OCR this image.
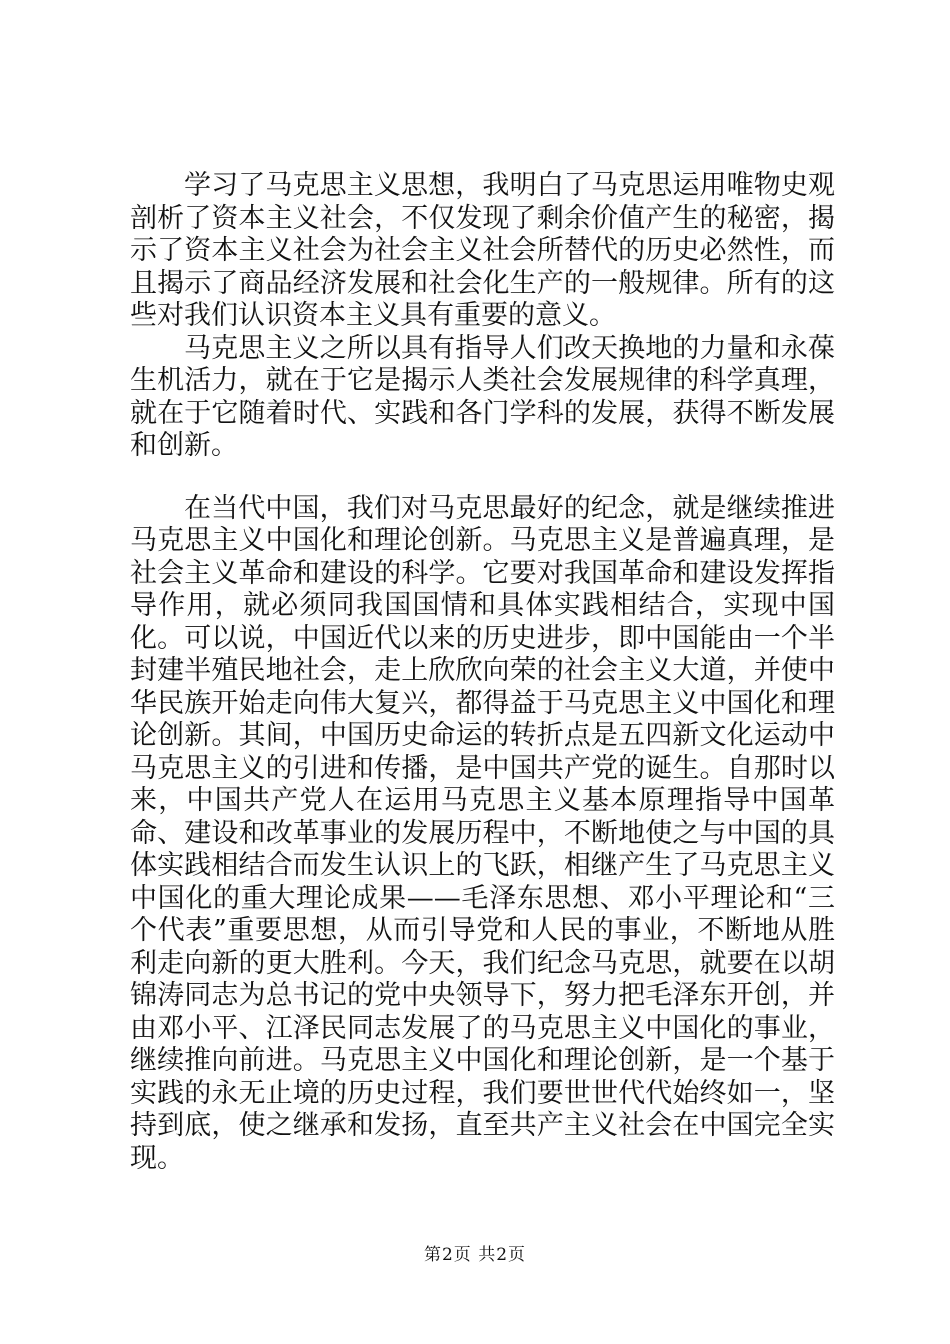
学习了马克思主义思想，我明白了马克思运用唯物史观剖析了资本主义社会，不仅发现了剩余价值产生的秘密，揭示了资本主义社会为社会主义社会所替代的历史必然性，而且揭示了商品经济发展和社会化生产的一般规律。所有的这些对我们认识资本主义具有重要的意义。

马克思主义之所以具有指导人们改天换地的力量和永葆生机活力，就在于它是揭示人类社会发展规律的科学真理，就在于它随着时代、实践和各门学科的发展，获得不断发展和创新。

在当代中国，我们对马克思最好的纪念，就是继续推进马克思主义中国化和理论创新。马克思主义是普遍真理，是社会主义革命和建设的科学。它要对我国革命和建设发挥指导作用，就必须同我国国情和具体实践相结合，实现中国化。可以说，中国近代以来的历史进步，即中国能由一个半封建半殖民地社会，走上欣欣向荣的社会主义大道，并使中华民族开始走向伟大复兴，都得益于马克思主义中国化和理论创新。其间，中国历史命运的转折点是五四新文化运动中马克思主义的引进和传播，是中国共产党的诞生。自那时以来，中国共产党人在运用马克思主义基本原理指导中国革命、建设和改革事业的发展历程中，不断地使之与中国的具体实践相结合而发生认识上的飞跃，相继产生了马克思主义中国化的重大理论成果——毛泽东思想、邓小平理论和“三个代表”重要思想，从而引导党和人民的事业，不断地从胜利走向新的更大胜利。今天，我们纪念马克思，就要在以胡锦涛同志为总书记的党中央领导下，努力把毛泽东开创，并由邓小平、江泽民同志发展了的马克思主义中国化的事业，继续推向前进。马克思主义中国化和理论创新，是一个基于实践的永无止境的历史过程，我们要世世代代始终如一，坚持到底，使之继承和发扬，直至共产主义社会在中国完全实现。

第2页 共2页
